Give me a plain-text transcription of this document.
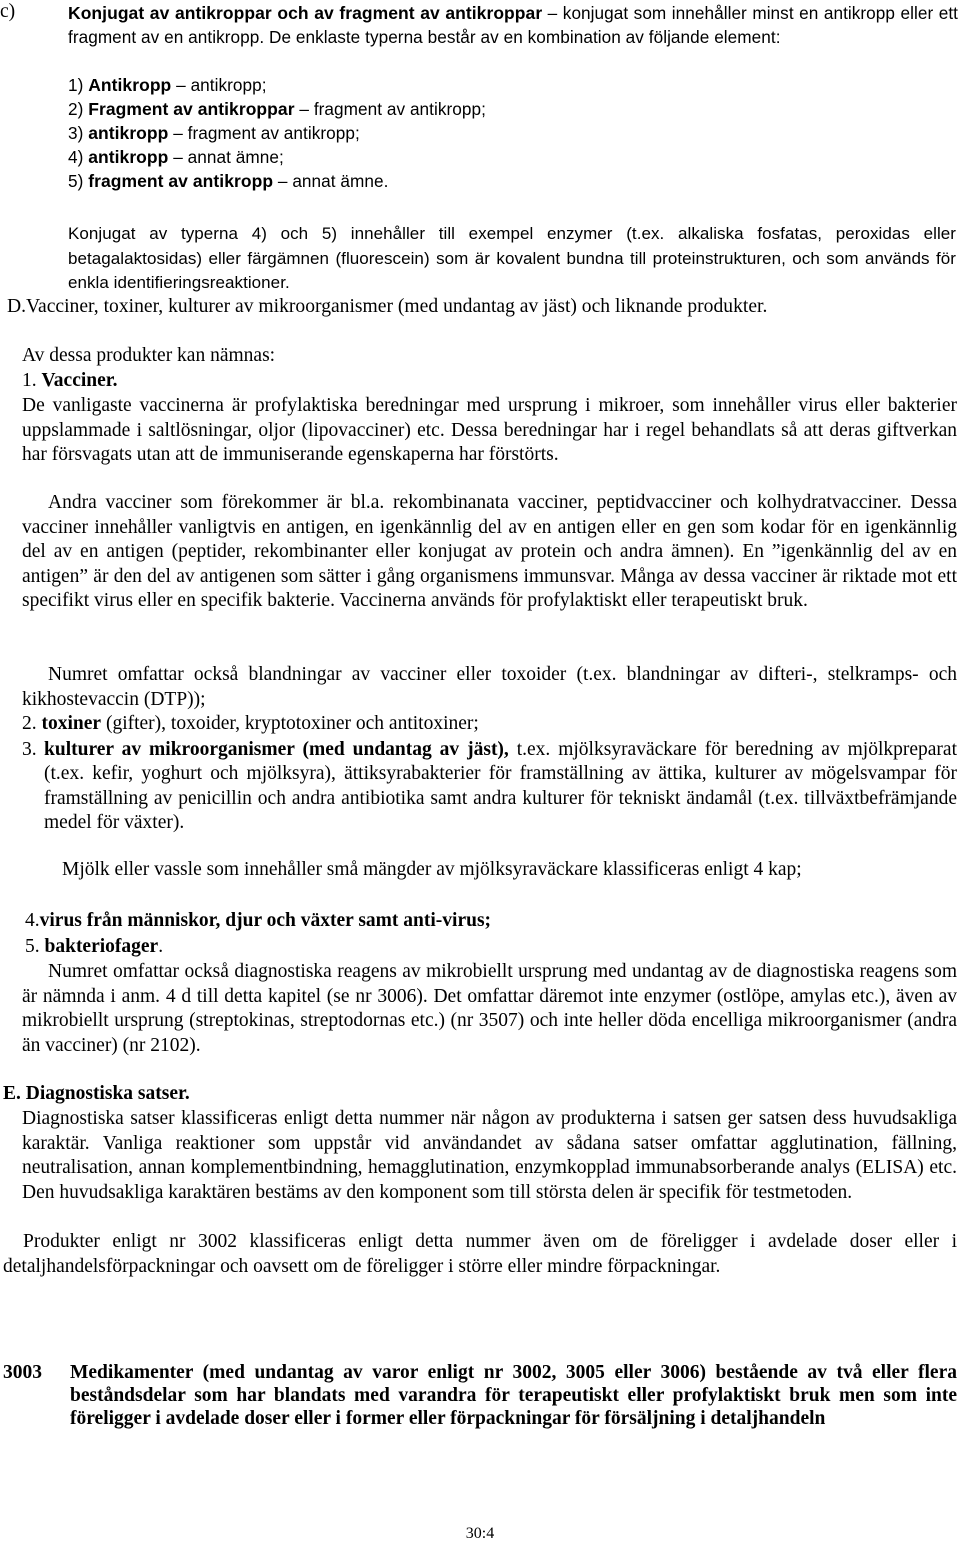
c)	Konjugat av antikroppar och av fragment av antikroppar – konjugat som innehåller minst en antikropp eller ett fragment av en antikropp. De enklaste typerna består av en kombination av följande element:
1) Antikropp – antikropp;
2) Fragment av antikroppar – fragment av antikropp;
3) antikropp – fragment av antikropp;
4) antikropp – annat ämne;
5) fragment av antikropp – annat ämne.
Konjugat av typerna 4) och 5) innehåller till exempel enzymer (t.ex. alkaliska fosfatas, peroxidas eller betagalaktosidas) eller färgämnen (fluorescein) som är kovalent bundna till proteinstrukturen, och som används för enkla identifieringsreaktioner.
D.Vacciner, toxiner, kulturer av mikroorganismer (med undantag av jäst) och liknande produkter.
Av dessa produkter kan nämnas:
1. Vacciner.
De vanligaste vaccinerna är profylaktiska beredningar med ursprung i mikroer, som innehåller virus eller bakterier uppslammade i saltlösningar, oljor (lipovacciner) etc. Dessa beredningar har i regel behandlats så att deras giftverkan har försvagats utan att de immuniserande egenskaperna har förstörts.
Andra vacciner som förekommer är bl.a. rekombinanata vacciner, peptidvacciner och kolhydratvacciner. Dessa vacciner innehåller vanligtvis en antigen, en igenkännlig del av en antigen eller en gen som kodar för en igenkännlig del av en antigen (peptider, rekombinanter eller konjugat av protein och andra ämnen). En ”igenkännlig del av en antigen” är den del av antigenen som sätter i gång organismens immunsvar. Många av dessa vacciner är riktade mot ett specifikt virus eller en specifik bakterie. Vaccinerna används för profylaktiskt eller terapeutiskt bruk.
Numret omfattar också blandningar av vacciner eller toxoider (t.ex. blandningar av difteri-, stelkramps- och kikhostevaccin (DTP));
2. toxiner (gifter), toxoider, kryptotoxiner och antitoxiner;
3. kulturer av mikroorganismer (med undantag av jäst), t.ex. mjölksyraväckare för beredning av mjölkpreparat (t.ex. kefir, yoghurt och mjölksyra), ättiksyrabakterier för framställning av ättika, kulturer av mögelsvampar för framställning av penicillin och andra antibiotika samt andra kulturer för tekniskt ändamål (t.ex. tillväxtbefrämjande medel för växter).
Mjölk eller vassle som innehåller små mängder av mjölksyraväckare klassificeras enligt 4 kap;
4.virus från människor, djur och växter samt anti-virus;
5. bakteriofager.
Numret omfattar också diagnostiska reagens av mikrobiellt ursprung med undantag av de diagnostiska reagens som är nämnda i anm. 4 d till detta kapitel (se nr 3006). Det omfattar däremot inte enzymer (ostlöpe, amylas etc.), även av mikrobiellt ursprung (streptokinas, streptodornas etc.) (nr 3507) och inte heller döda encelliga mikroorganismer (andra än vacciner) (nr 2102).
E. Diagnostiska satser.
Diagnostiska satser klassificeras enligt detta nummer när någon av produkterna i satsen ger satsen dess huvudsakliga karaktär. Vanliga reaktioner som uppstår vid användandet av sådana satser omfattar agglutination, fällning, neutralisation, annan komplementbindning, hemagglutination, enzymkopplad immunabsorberande analys (ELISA) etc. Den huvudsakliga karaktären bestäms av den komponent som till största delen är specifik för testmetoden.
Produkter enligt nr 3002 klassificeras enligt detta nummer även om de föreligger i avdelade doser eller i detaljhandelsförpackningar och oavsett om de föreligger i större eller mindre förpackningar.
3003	Medikamenter (med undantag av varor enligt nr 3002, 3005 eller 3006) bestående av två eller flera beståndsdelar som har blandats med varandra för terapeutiskt eller profylaktiskt bruk men som inte föreligger i avdelade doser eller i former eller förpackningar för försäljning i detaljhandeln
30:4
